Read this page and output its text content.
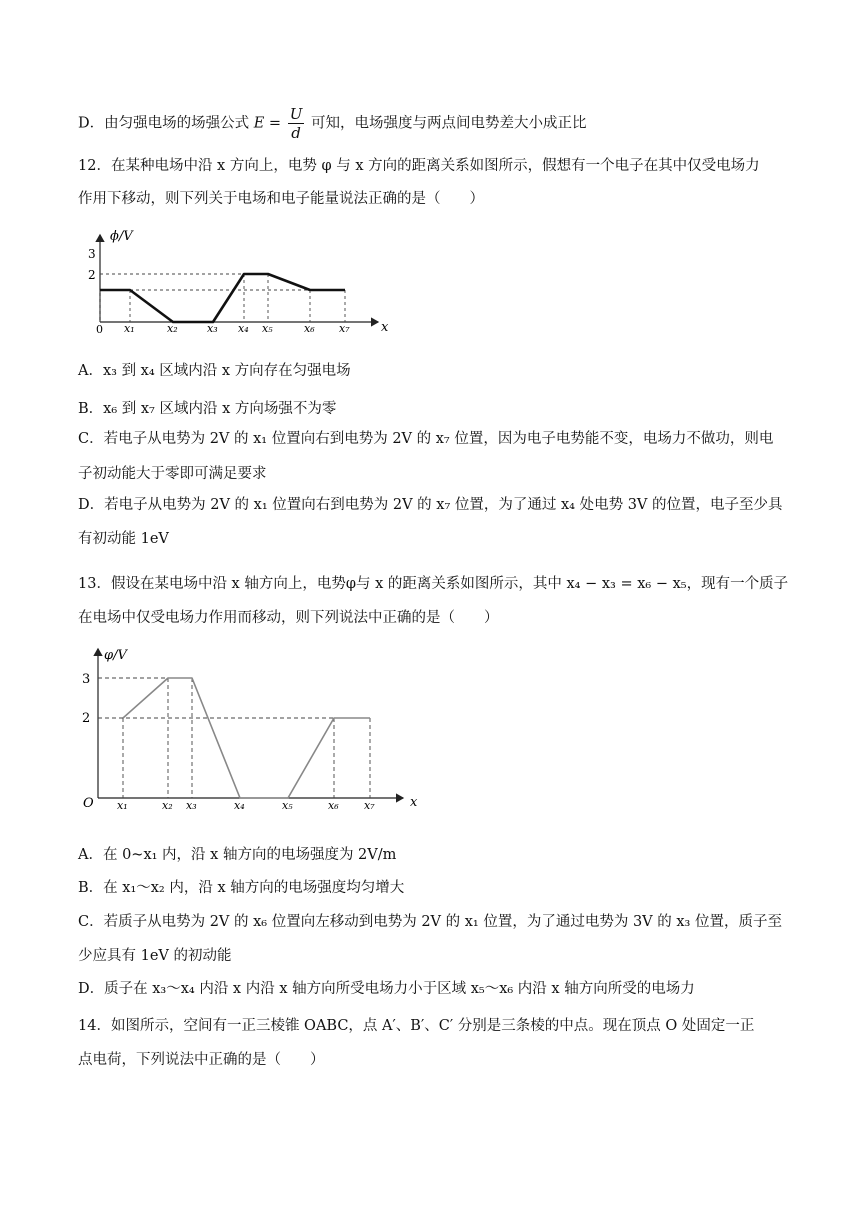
D．由匀强电场的场强公式 $E = \frac{U}{d}$ 可知，电场强度与两点间电势差大小成正比
12．在某种电场中沿 x 方向上，电势 φ 与 x 方向的距离关系如图所示，假想有一个电子在其中仅受电场力
作用下移动，则下列关于电场和电子能量说法正确的是（　　）
x₁	x₂	x₃ x₄ x₅	x₆ x₇
ϕ/V
x
0
3
2
A．x₃ 到 x₄ 区域内沿 x 方向存在匀强电场
B．x₆ 到 x₇ 区域内沿 x 方向场强不为零
C．若电子从电势为 2V 的 x₁ 位置向右到电势为 2V 的 x₇ 位置，因为电子电势能不变，电场力不做功，则电
子初动能大于零即可满足要求
D．若电子从电势为 2V 的 x₁ 位置向右到电势为 2V 的 x₇ 位置，为了通过 x₄ 处电势 3V 的位置，电子至少具
有初动能 1eV
13．假设在某电场中沿 x 轴方向上，电势φ与 x 的距离关系如图所示，其中 x₄ − x₃ = x₆ − x₅，现有一个质子
在电场中仅受电场力作用而移动，则下列说法中正确的是（　　）
x₁	x₂ x₃	x₄	x₅	x₆ x₇
φ/V
x
O
3
2
A．在 0~x₁ 内，沿 x 轴方向的电场强度为 2V/m
B．在 x₁～x₂ 内，沿 x 轴方向的电场强度均匀增大
C．若质子从电势为 2V 的 x₆ 位置向左移动到电势为 2V 的 x₁ 位置，为了通过电势为 3V 的 x₃ 位置，质子至
少应具有 1eV 的初动能
D．质子在 x₃～x₄ 内沿 x 内沿 x 轴方向所受电场力小于区域 x₅～x₆ 内沿 x 轴方向所受的电场力
14．如图所示，空间有一正三棱锥 OABC，点 A′、B′、C′ 分别是三条棱的中点。现在顶点 O 处固定一正
点电荷，下列说法中正确的是（　　）
